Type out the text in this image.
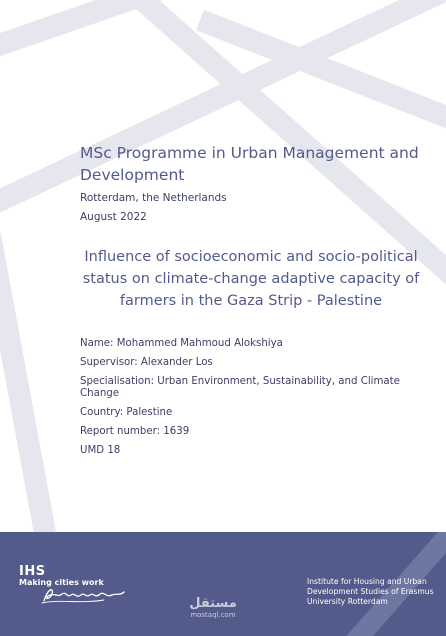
MSc Programme in Urban Management and Development
Rotterdam, the Netherlands
August 2022
Influence of socioeconomic and socio-political status on climate-change adaptive capacity of farmers in the Gaza Strip - Palestine
Name: Mohammed Mahmoud Alokshiya
Supervisor: Alexander Los
Specialisation: Urban Environment, Sustainability, and Climate Change
Country: Palestine
Report number: 1639
UMD 18
IHS
Making cities work	Institute for Housing and Urban Development Studies of Erasmus University Rotterdam
مستقل
mostaql.com
